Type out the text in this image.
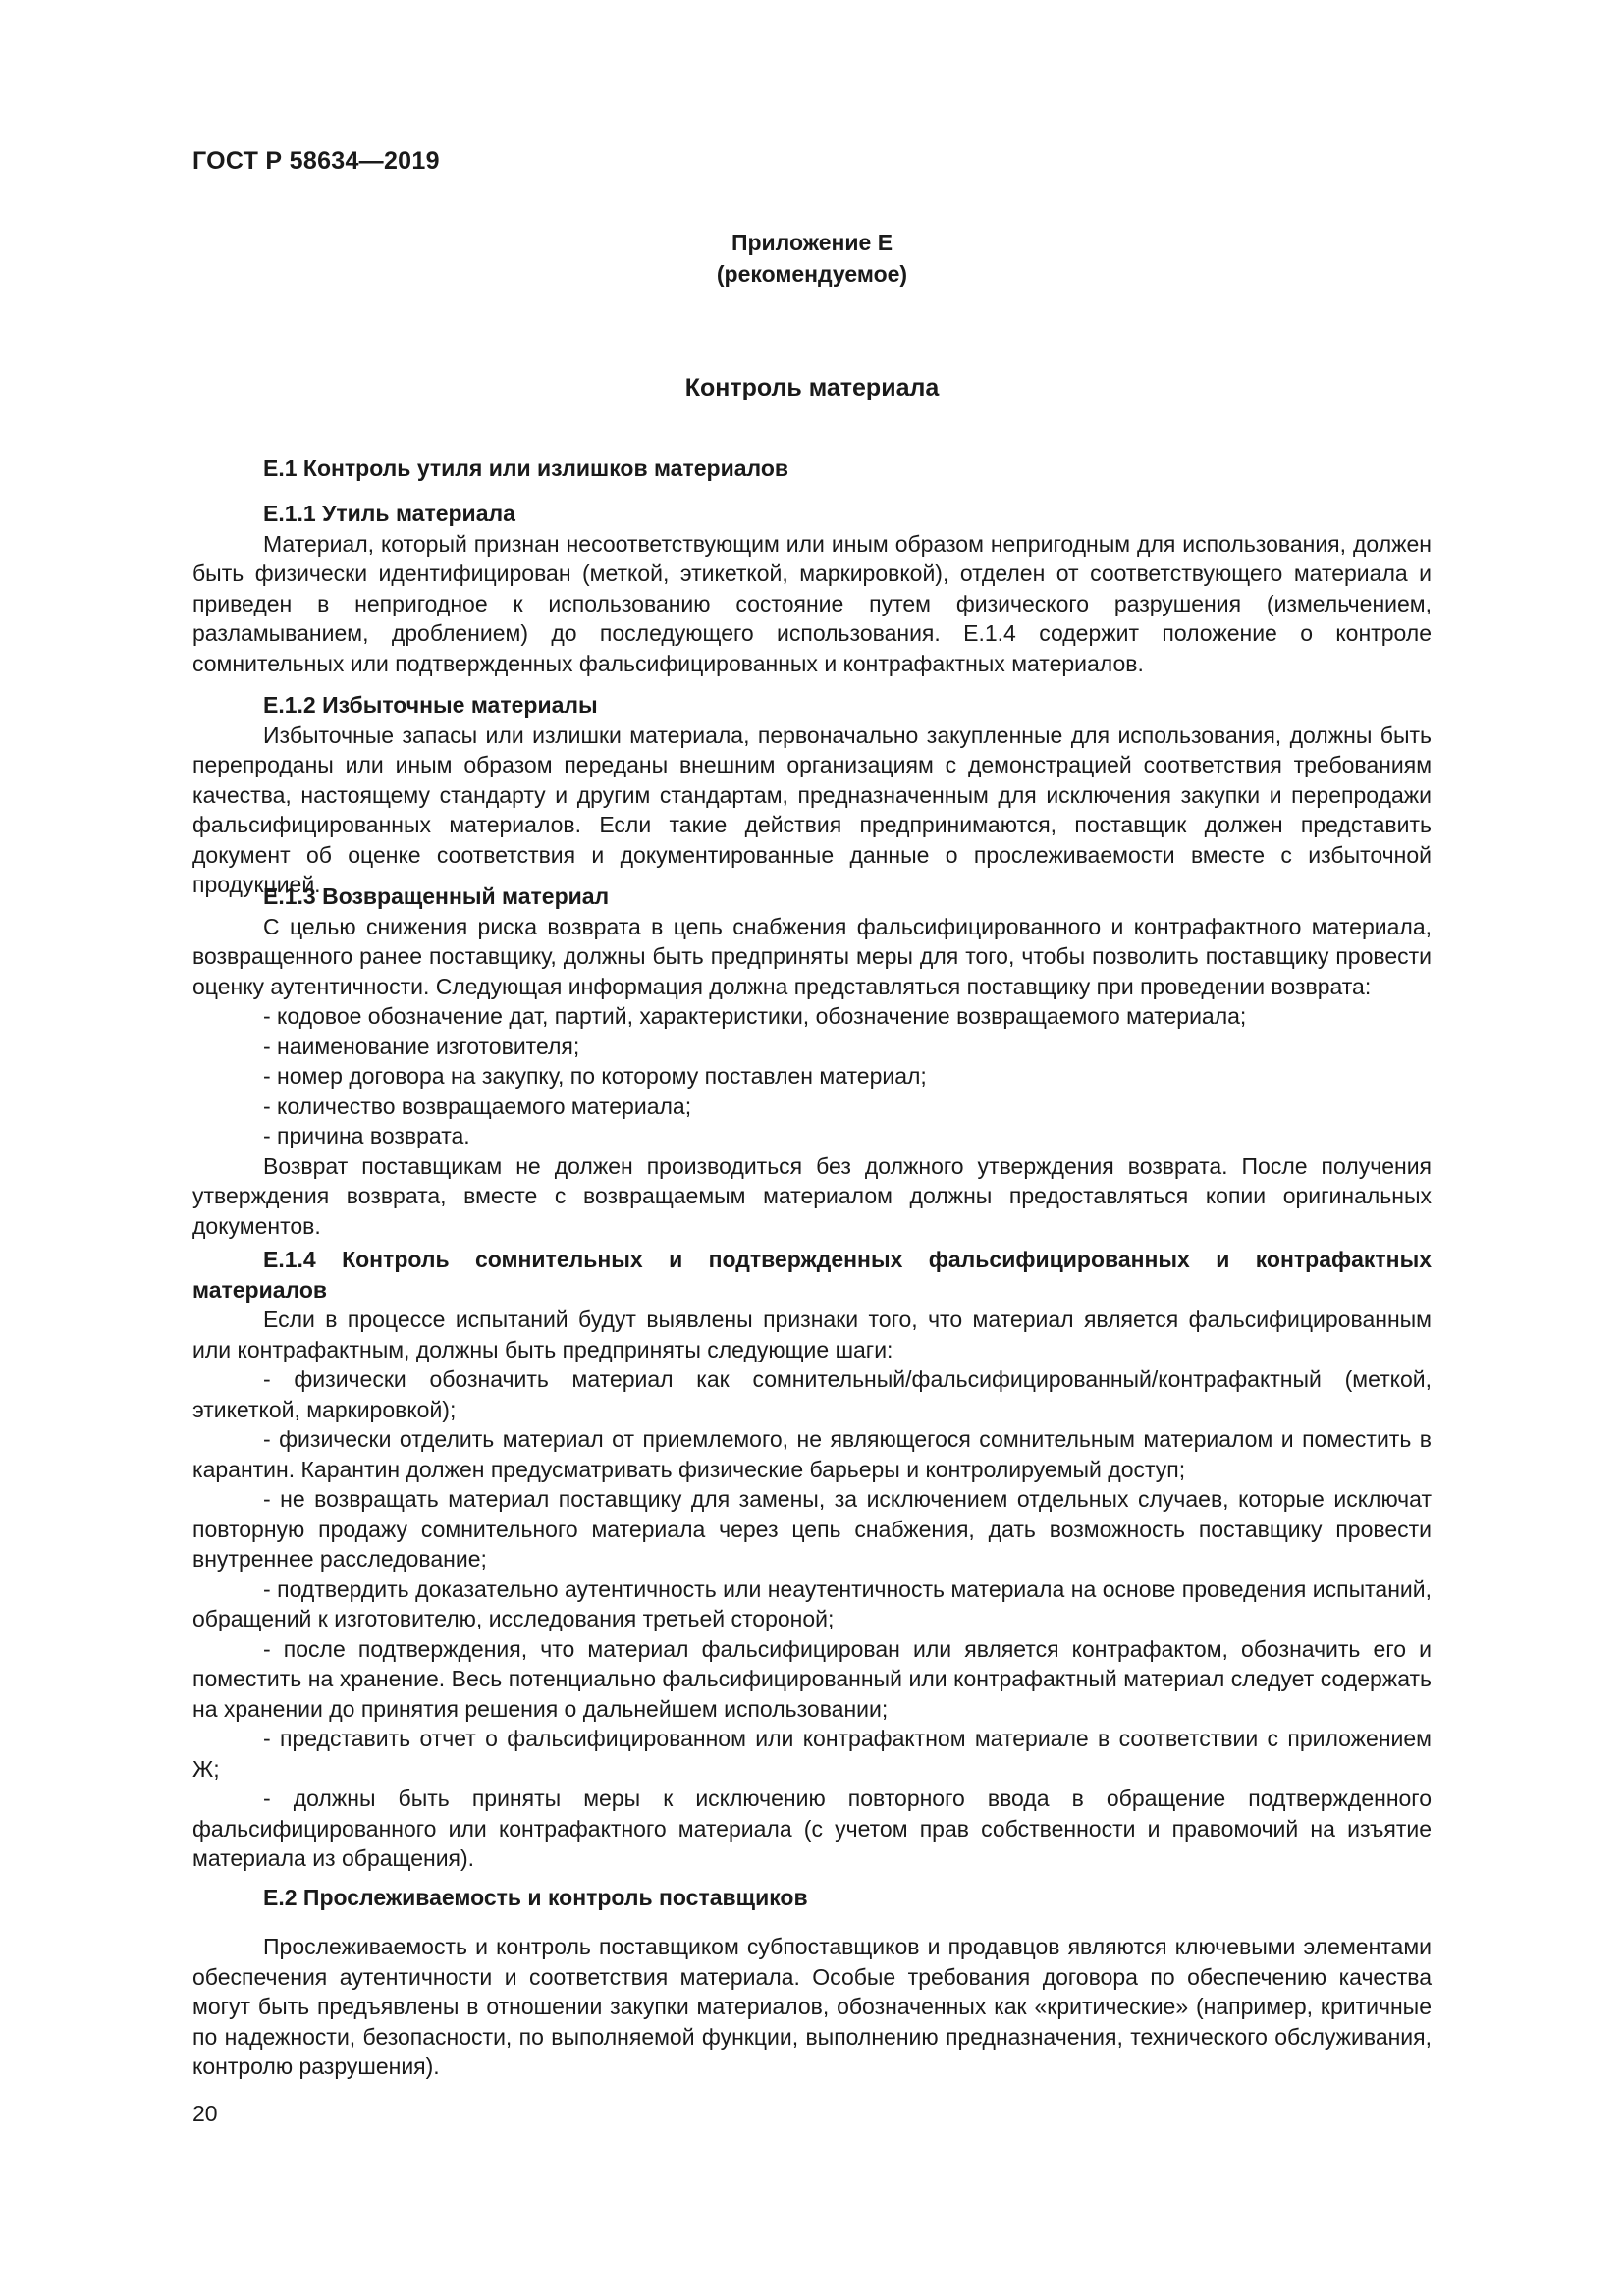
ГОСТ Р 58634—2019
Приложение Е
(рекомендуемое)
Контроль материала
Е.1 Контроль утиля или излишков материалов
Е.1.1 Утиль материала

Материал, который признан несоответствующим или иным образом непригодным для использования, должен быть физически идентифицирован (меткой, этикеткой, маркировкой), отделен от соответствующего материала и приведен в непригодное к использованию состояние путем физического разрушения (измельчением, разламыванием, дроблением) до последующего использования. Е.1.4 содержит положение о контроле сомнительных или подтвержденных фальсифицированных и контрафактных материалов.

Е.1.2 Избыточные материалы

Избыточные запасы или излишки материала, первоначально закупленные для использования, должны быть перепроданы или иным образом переданы внешним организациям с демонстрацией соответствия требованиям качества, настоящему стандарту и другим стандартам, предназначенным для исключения закупки и перепродажи фальсифицированных материалов. Если такие действия предпринимаются, поставщик должен представить документ об оценке соответствия и документированные данные о прослеживаемости вместе с избыточной продукцией.

Е.1.3 Возвращенный материал

С целью снижения риска возврата в цепь снабжения фальсифицированного и контрафактного материала, возвращенного ранее поставщику, должны быть предприняты меры для того, чтобы позволить поставщику провести оценку аутентичности. Следующая информация должна представляться поставщику при проведении возврата:

- кодовое обозначение дат, партий, характеристики, обозначение возвращаемого материала;

- наименование изготовителя;

- номер договора на закупку, по которому поставлен материал;

- количество возвращаемого материала;

- причина возврата.

Возврат поставщикам не должен производиться без должного утверждения возврата. После получения утверждения возврата, вместе с возвращаемым материалом должны предоставляться копии оригинальных документов.

Е.1.4 Контроль сомнительных и подтвержденных фальсифицированных и контрафактных материалов

Если в процессе испытаний будут выявлены признаки того, что материал является фальсифицированным или контрафактным, должны быть предприняты следующие шаги:

- физически обозначить материал как сомнительный/фальсифицированный/контрафактный (меткой, этикеткой, маркировкой);

- физически отделить материал от приемлемого, не являющегося сомнительным материалом и поместить в карантин. Карантин должен предусматривать физические барьеры и контролируемый доступ;

- не возвращать материал поставщику для замены, за исключением отдельных случаев, которые исключат повторную продажу сомнительного материала через цепь снабжения, дать возможность поставщику провести внутреннее расследование;

- подтвердить доказательно аутентичность или неаутентичность материала на основе проведения испытаний, обращений к изготовителю, исследования третьей стороной;

- после подтверждения, что материал фальсифицирован или является контрафактом, обозначить его и поместить на хранение. Весь потенциально фальсифицированный или контрафактный материал следует содержать на хранении до принятия решения о дальнейшем использовании;

- представить отчет о фальсифицированном или контрафактном материале в соответствии с приложением Ж;

- должны быть приняты меры к исключению повторного ввода в обращение подтвержденного фальсифицированного или контрафактного материала (с учетом прав собственности и правомочий на изъятие материала из обращения).

Е.2 Прослеживаемость и контроль поставщиков

Прослеживаемость и контроль поставщиком субпоставщиков и продавцов являются ключевыми элементами обеспечения аутентичности и соответствия материала. Особые требования договора по обеспечению качества могут быть предъявлены в отношении закупки материалов, обозначенных как «критические» (например, критичные по надежности, безопасности, по выполняемой функции, выполнению предназначения, технического обслуживания, контролю разрушения).

20
